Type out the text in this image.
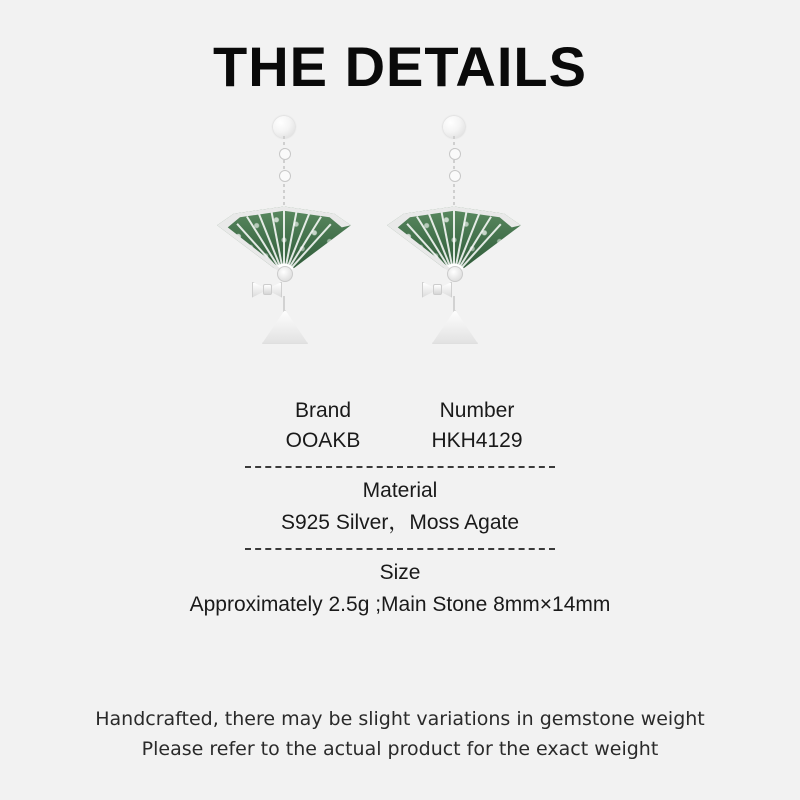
THE DETAILS
Brand
OOAKB
Number
HKH4129
Material
S925 Silver，Moss Agate
Size
Approximately 2.5g ;Main Stone 8mm×14mm
Handcrafted, there may be slight variations in gemstone weight
Please refer to the actual product for the exact weight
